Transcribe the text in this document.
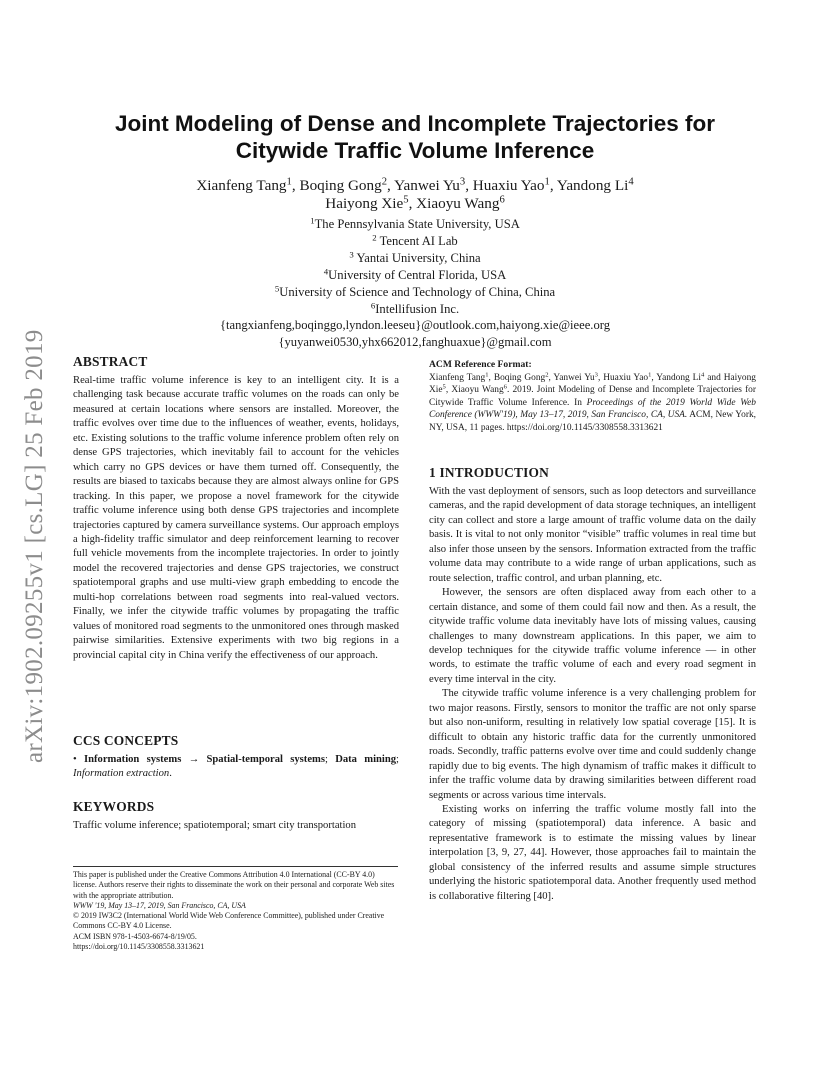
arXiv:1902.09255v1 [cs.LG] 25 Feb 2019
Joint Modeling of Dense and Incomplete Trajectories for
Citywide Traffic Volume Inference
Xianfeng Tang$^1$, Boqing Gong$^2$, Yanwei Yu$^3$, Huaxiu Yao$^1$, Yandong Li$^4$
Haiyong Xie$^5$, Xiaoyu Wang$^6$
$^1$The Pennsylvania State University, USA
$^2$ Tencent AI Lab
$^3$ Yantai University, China
$^4$University of Central Florida, USA
$^5$University of Science and Technology of China, China
$^6$Intellifusion Inc.
{tangxianfeng,boqinggo,lyndon.leeseu}@outlook.com,haiyong.xie@ieee.org
{yuyanwei0530,yhx662012,fanghuaxue}@gmail.com
ABSTRACT

Real-time traffic volume inference is key to an intelligent city. It is a challenging task because accurate traffic volumes on the roads can only be measured at certain locations where sensors are installed. Moreover, the traffic evolves over time due to the influences of weather, events, holidays, etc. Existing solutions to the traffic volume inference problem often rely on dense GPS trajectories, which inevitably fail to account for the vehicles which carry no GPS devices or have them turned off. Consequently, the results are biased to taxicabs because they are almost always online for GPS tracking. In this paper, we propose a novel framework for the citywide traffic volume inference using both dense GPS trajectories and incomplete trajectories captured by camera surveillance systems. Our approach employs a high-fidelity traffic simulator and deep reinforcement learning to recover full vehicle movements from the incomplete trajectories. In order to jointly model the recovered trajectories and dense GPS trajectories, we construct spatiotemporal graphs and use multi-view graph embedding to encode the multi-hop correlations between road segments into real-valued vectors. Finally, we infer the citywide traffic volumes by propagating the traffic values of monitored road segments to the unmonitored ones through masked pairwise similarities. Extensive experiments with two big regions in a provincial capital city in China verify the effectiveness of our approach.

CCS CONCEPTS

• Information systems → Spatial-temporal systems; Data mining; Information extraction.

KEYWORDS

Traffic volume inference; spatiotemporal; smart city transportation

This paper is published under the Creative Commons Attribution 4.0 International (CC-BY 4.0) license. Authors reserve their rights to disseminate the work on their personal and corporate Web sites with the appropriate attribution.

WWW '19, May 13–17, 2019, San Francisco, CA, USA

© 2019 IW3C2 (International World Wide Web Conference Committee), published under Creative Commons CC-BY 4.0 License.

ACM ISBN 978-1-4503-6674-8/19/05.

https://doi.org/10.1145/3308558.3313621

ACM Reference Format:

Xianfeng Tang$^1$, Boqing Gong$^2$, Yanwei Yu$^3$, Huaxiu Yao$^1$, Yandong Li$^4$ and Haiyong Xie$^5$, Xiaoyu Wang$^6$. 2019. Joint Modeling of Dense and Incomplete Trajectories for Citywide Traffic Volume Inference. In Proceedings of the 2019 World Wide Web Conference (WWW'19), May 13–17, 2019, San Francisco, CA, USA. ACM, New York, NY, USA, 11 pages. https://doi.org/10.1145/3308558.3313621

1 INTRODUCTION

With the vast deployment of sensors, such as loop detectors and surveillance cameras, and the rapid development of data storage techniques, an intelligent city can collect and store a large amount of traffic volume data on the daily basis. It is vital to not only monitor “visible” traffic volumes in real time but also infer those unseen by the sensors. Information extracted from the traffic volume data may contribute to a wide range of urban applications, such as route selection, traffic control, and urban planning, etc.

However, the sensors are often displaced away from each other to a certain distance, and some of them could fail now and then. As a result, the citywide traffic volume data inevitably have lots of missing values, causing challenges to many downstream applications. In this paper, we aim to develop techniques for the citywide traffic volume inference — in other words, to estimate the traffic volume of each and every road segment in every time interval in the city.

The citywide traffic volume inference is a very challenging problem for two major reasons. Firstly, sensors to monitor the traffic are not only sparse but also non-uniform, resulting in relatively low spatial coverage [15]. It is difficult to obtain any historic traffic data for the currently unmonitored roads. Secondly, traffic patterns evolve over time and could suddenly change rapidly due to big events. The high dynamism of traffic makes it difficult to infer the traffic volume data by drawing similarities between different road segments or across various time intervals.

Existing works on inferring the traffic volume mostly fall into the category of missing (spatiotemporal) data inference. A basic and representative framework is to estimate the missing values by linear interpolation [3, 9, 27, 44]. However, those approaches fail to maintain the global consistency of the inferred results and assume simple structures underlying the historic spatiotemporal data. Another frequently used method is collaborative filtering [40].
